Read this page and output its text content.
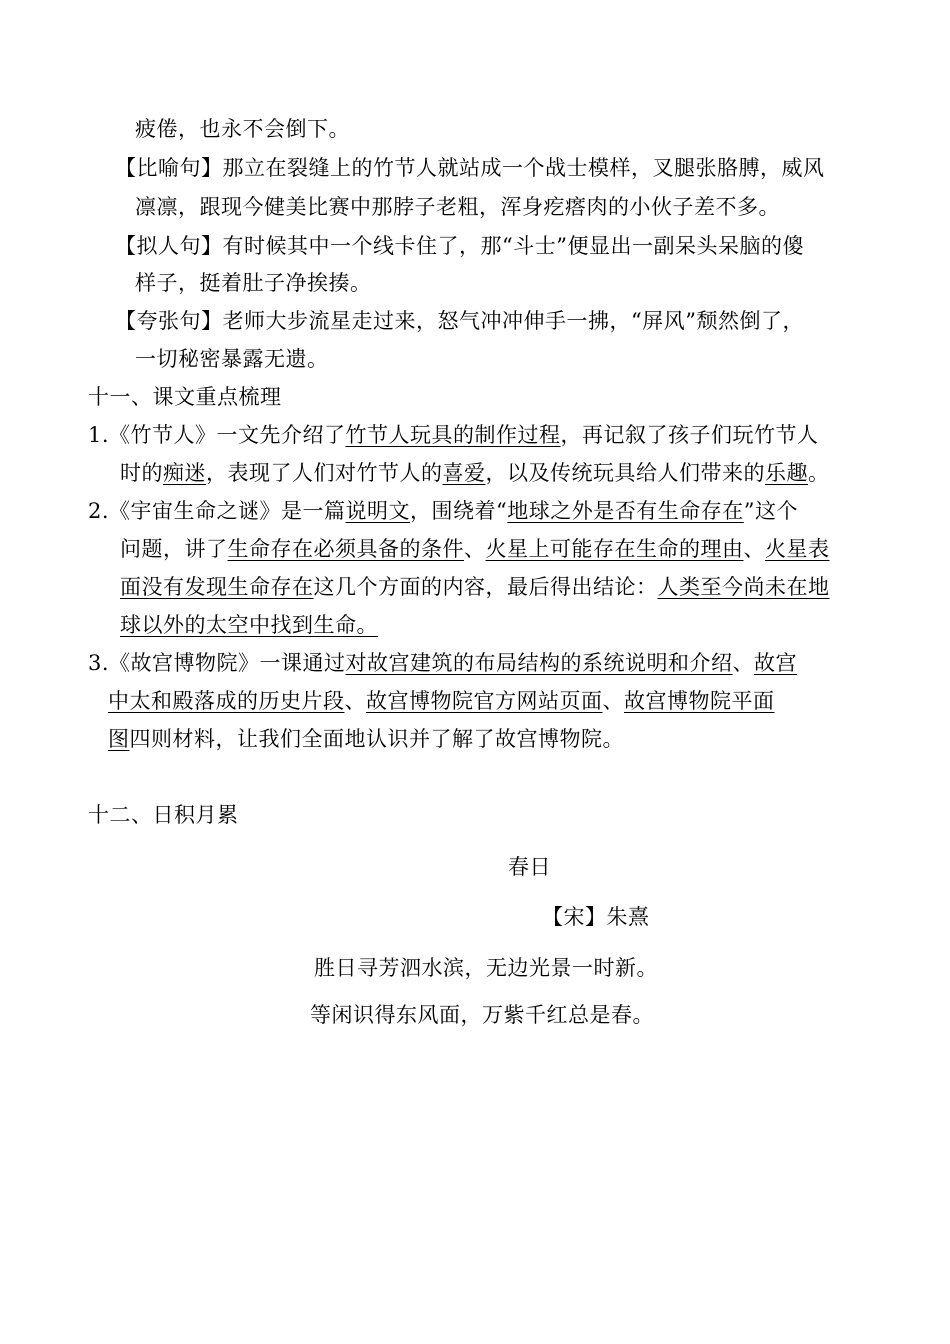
疲倦，也永不会倒下。
【比喻句】那立在裂缝上的竹节人就站成一个战士模样，叉腿张胳膊，威风
凛凛，跟现今健美比赛中那脖子老粗，浑身疙瘩肉的小伙子差不多。
【拟人句】有时候其中一个线卡住了，那“斗士”便显出一副呆头呆脑的傻
样子，挺着肚子净挨揍。
【夸张句】老师大步流星走过来，怒气冲冲伸手一拂，“屏风”颓然倒了，
一切秘密暴露无遗。
十一、课文重点梳理
1.《竹节人》一文先介绍了竹节人玩具的制作过程，再记叙了孩子们玩竹节人
时的痴迷，表现了人们对竹节人的喜爱，以及传统玩具给人们带来的乐趣。
2.《宇宙生命之谜》是一篇说明文，围绕着“地球之外是否有生命存在”这个
问题，讲了生命存在必须具备的条件、火星上可能存在生命的理由、火星表
面没有发现生命存在这几个方面的内容，最后得出结论：人类至今尚未在地
球以外的太空中找到生命。
3.《故宫博物院》一课通过对故宫建筑的布局结构的系统说明和介绍、故宫
中太和殿落成的历史片段、故宫博物院官方网站页面、故宫博物院平面
图四则材料，让我们全面地认识并了解了故宫博物院。
十二、日积月累
春日
【宋】朱熹
胜日寻芳泗水滨，无边光景一时新。
等闲识得东风面，万紫千红总是春。
